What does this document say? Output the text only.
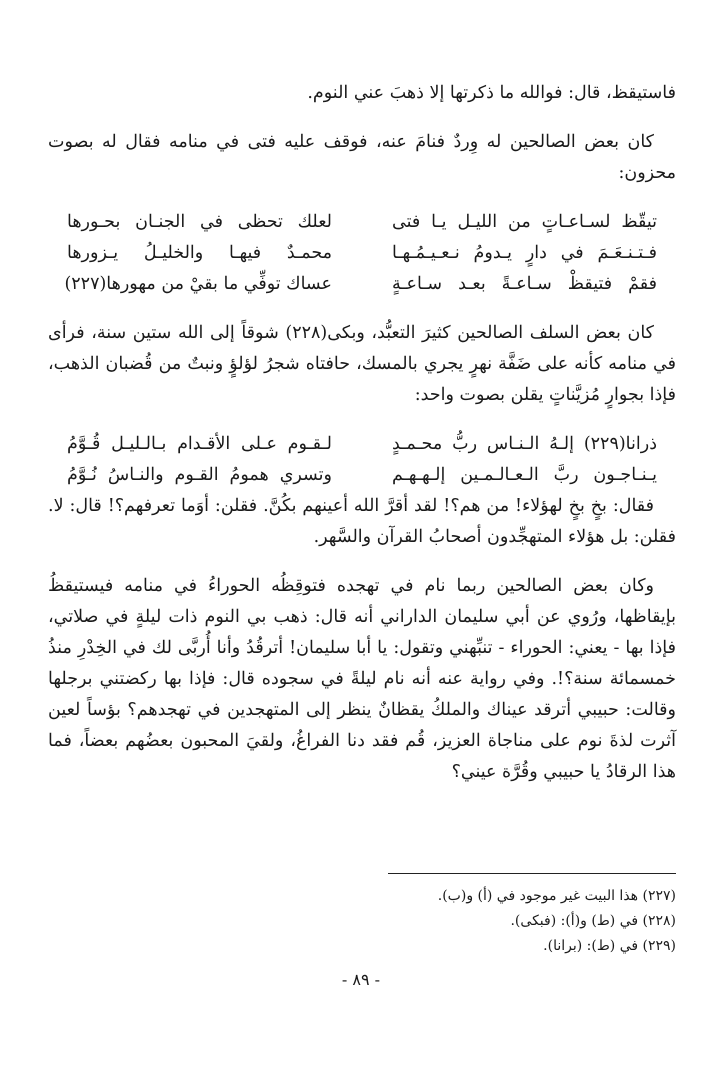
فاستيقظ، قال: فوالله ما ذكرتها إلا ذهبَ عني النوم.

كان بعض الصالحين له وِردٌ فنامَ عنه، فوقف عليه فتى في منامه فقال له بصوت محزون:

تيقّظ لسـاعـاتٍ من الليـل يـا فتى
لعلك تحظى في الجنـان بحـورها
فـتـنـعَـمَ في دارٍ يـدومُ نـعـيـمُـهـا
محمـدٌ فيهـا والخليـلُ يـزورها
فقمْ فتيقظْ سـاعـةً بعـد سـاعـةٍ
عساك توفِّي ما بقيْ من مهورها(٢٢٧)

كان بعض السلف الصالحين كثيرَ التعبُّد، وبكى(٢٢٨) شوقاً إلى الله ستين سنة، فرأى في منامه كأنه على ضَفَّة نهرٍ يجري بالمسك، حافتاه شجرُ لؤلؤٍ ونبتٌ من قُضبان الذهب، فإذا بجوارٍ مُزيَّناتٍ يقلن بصوت واحد:

ذرانا(٢٢٩) إلـهُ الـنـاس ربُّ محـمـدٍ
لـقـوم عـلى الأقـدام بـالـليـل قُـوَّمُ
يـنـاجـون ربَّ الـعـالـمـين إلـهـهـم
وتسري همومُ القـوم والنـاسُ نُـوَّمُ

فقال: بخٍ بخٍ لهؤلاء! من هم؟! لقد أقرَّ الله أعينهم بكُنَّ. فقلن: أوَما تعرفهم؟! قال: لا. فقلن: بل هؤلاء المتهجِّدون أصحابُ القرآن والسَّهر.

وكان بعض الصالحين ربما نام في تهجده فتوقِظُه الحوراءُ في منامه فيستيقظُ بإيقاظها، ورُوي عن أبي سليمان الداراني أنه قال: ذهب بي النوم ذات ليلةٍ في صلاتي، فإذا بها - يعني: الحوراء - تنبِّهني وتقول: يا أبا سليمان! أترقُدُ وأنا أُربَّى لك في الخِدْرِ منذُ خمسمائة سنة؟!. وفي رواية عنه أنه نام ليلةً في سجوده قال: فإذا بها ركضتني برجلها وقالت: حبيبي أترقد عيناك والملكُ يقظانٌ ينظر إلى المتهجدين في تهجدهم؟ بؤساً لعين آثرت لذةَ نوم على مناجاة العزيز، قُم فقد دنا الفراغُ، ولقيَ المحبون بعضُهم بعضاً، فما هذا الرقادُ يا حبيبي وقُرَّة عيني؟

(٢٢٧) هذا البيت غير موجود في (أ) و(ب).

(٢٢٨) في (ط) و(أ): (فبكى).

(٢٢٩) في (ط): (برانا).

- ٨٩ -
